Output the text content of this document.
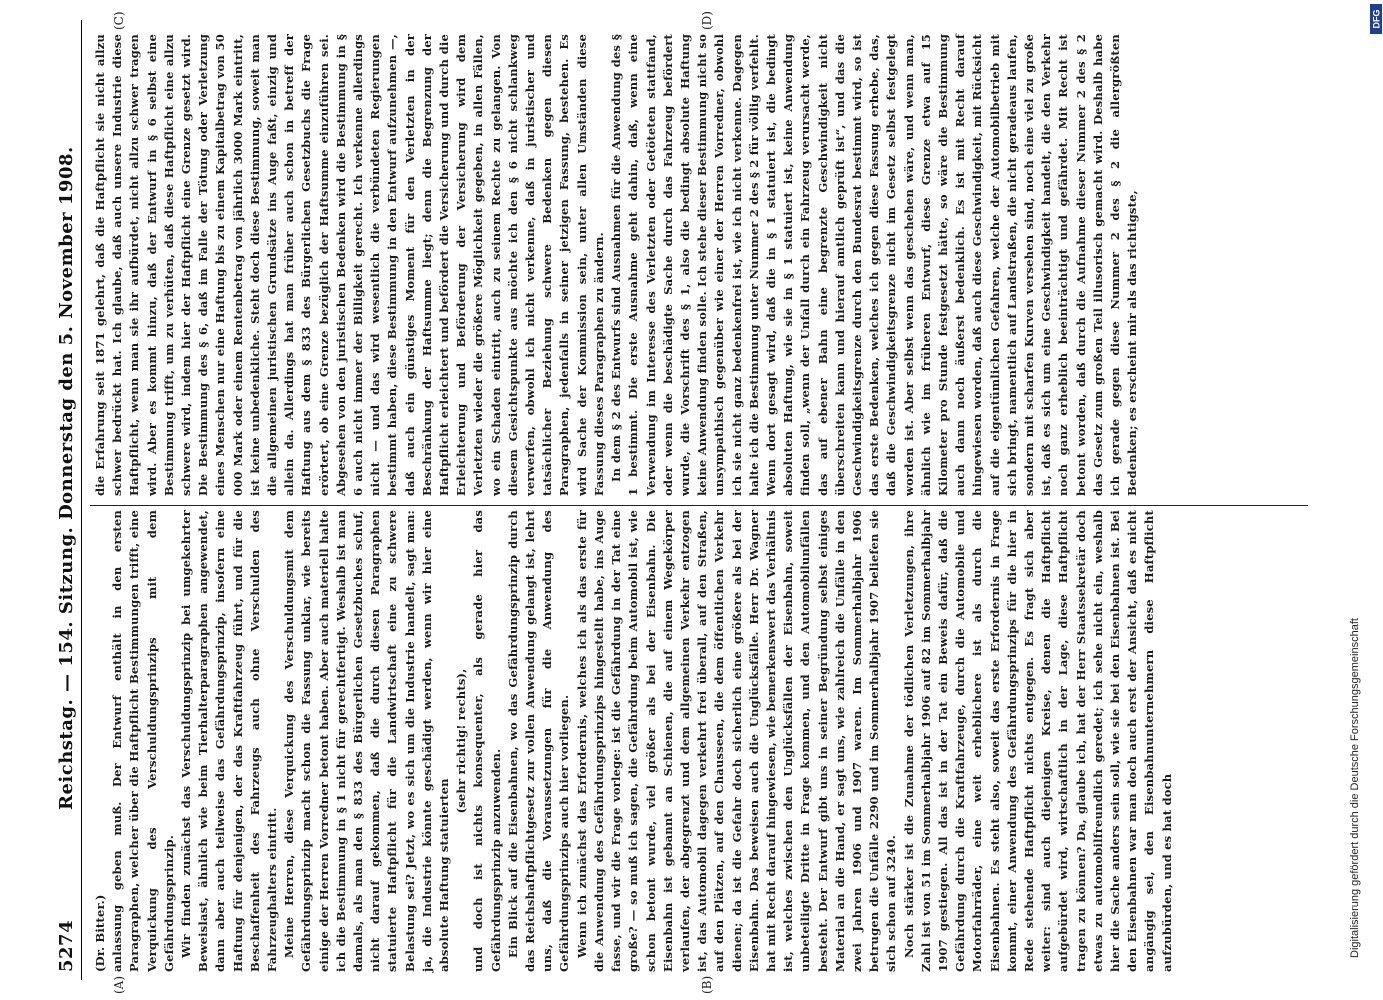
5274
Reichstag. — 154. Sitzung. Donnerstag den 5. November 1908.

(Dr. Bitter.) anlassung geben muß. Der Entwurf enthält in den ersten Paragraphen, welcher über die Haftpflicht Bestimmungen trifft, eine Verquickung des Verschuldungsprinzips mit dem Gefährdungsprinzip. Wir finden zunächst das Verschuldungsprinzip bei umgekehrter Beweislast, ähnlich wie beim Tierhalterparagraphen angewendet, dann aber auch teilweise das Gefährdungsprinzip, insofern eine Haftung für denjenigen, der das Kraftfahrzeug führt, und für die Beschaffenheit des Fahrzeugs auch ohne Verschulden des Fahrzeughalters eintritt. Meine Herren, diese Verquickung des Verschuldungsmit dem Gefährdungsprinzip macht schon die Fassung unklar, wie bereits einige der Herren Vorredner betont haben. Aber auch materiell halte ich die Bestimmung in § 1 nicht für gerechtfertigt. Weshalb ist man damals, als man den § 833 des Bürgerlichen Gesetzbuches schuf, nicht darauf gekommen, daß die durch diesen Paragraphen statuierte Haftpflicht für die Landwirtschaft eine zu schwere Belastung sei? Jetzt, wo es sich um die Industrie handelt, sagt man: ja, die Industrie könnte geschädigt werden, wenn wir hier eine absolute Haftung statuierten

(sehr richtig! rechts), und doch ist nichts konsequenter, als gerade hier das Gefährdungsprinzip anzuwenden. Ein Blick auf die Eisenbahnen, wo das Gefährdungsprinzip durch das Reichshaftpflichtgesetz zur vollen Anwendung gelangt ist, lehrt uns, daß die Voraussetzungen für die Anwendung des Gefährdungsprinzips auch hier vorliegen. Wenn ich zunächst das Erfordernis, welches ich als das erste für die Anwendung des Gefährdungsprinzips hingestellt habe, ins Auge fasse, und wir die Frage vorlege: ist die Gefährdung in der Tat eine große? — so muß ich sagen, die Gefährdung beim Automobil ist, wie schon betont wurde, viel größer als bei der Eisenbahn. Die Eisenbahn ist gebannt an Schienen, die auf einem Wegekörper verlaufen, der abgegrenzt und dem allgemeinen Verkehr entzogen ist, das Automobil dagegen verkehrt frei überall, auf den Straßen, auf den Plätzen, auf den Chausseen, die dem öffentlichen Verkehr dienen; da ist die Gefahr doch sicherlich eine größere als bei der Eisenbahn. Das beweisen auch die Unglücksfälle. Herr Dr. Wagner hat mit Recht darauf hingewiesen, wie bemerkenswert das Verhältnis ist, welches zwischen den Unglücksfällen der Eisenbahn, soweit unbeteiligte Dritte in Frage kommen, und den Automobilunfällen besteht. Der Entwurf gibt uns in seiner Begründung selbst einiges Material an die Hand, er sagt uns, wie zahlreich die Unfälle in den zwei Jahren 1906 und 1907 waren. Im Sommerhalbjahr 1906 betrugen die Unfälle 2290 und im Sommerhalbjahr 1907 beliefen sie sich schon auf 3240. Noch stärker ist die Zunahme der tödlichen Verletzungen, ihre Zahl ist von 51 im Sommerhalbjahr 1906 auf 82 im Sommerhalbjahr 1907 gestiegen. All das ist in der Tat ein Beweis dafür, daß die Gefährdung durch die Kraftfahrzeuge, durch die Automobile und Motorfahrräder, eine weit erheblichere ist als durch die Eisenbahnen. Es steht also, soweit das erste Erfordernis in Frage kommt, einer Anwendung des Gefährdungsprinzips für die hier in Rede stehende Haftpflicht nichts entgegen. Es fragt sich aber weiter: sind auch diejenigen Kreise, denen die Haftpflicht aufgebürdet wird, wirtschaftlich in der Lage, diese Haftpflicht tragen zu können? Da, glaube ich, hat der Herr Staatssekretär doch etwas zu automobilfreundlich geredet; ich sehe nicht ein, weshalb hier die Sache anders sein soll, wie sie bei den Eisenbahnen ist. Bei den Eisenbahnen war man doch auch erst der Ansicht, daß es nicht angängig sei, den Eisenbahnunternehmern diese Haftpflicht aufzubürden, und es hat doch

die Erfahrung seit 1871 gelehrt, daß die Haftpflicht sie nicht allzu schwer bedrückt hat. Ich glaube, daß auch unsere Industrie diese Haftpflicht, wenn man sie ihr aufbürdet, nicht allzu schwer tragen wird. Aber es kommt hinzu, daß der Entwurf in § 6 selbst eine Bestimmung trifft, um zu verhüten, daß diese Haftpflicht eine allzu schwere wird, indem hier der Haftpflicht eine Grenze gesetzt wird. Die Bestimmung des § 6, daß im Falle der Tötung oder Verletzung eines Menschen nur eine Haftung bis zu einem Kapitalbetrag von 50 000 Mark oder einem Rentenbetrag von jährlich 3000 Mark eintritt, ist keine unbedenkliche. Steht doch diese Bestimmung, soweit man die allgemeinen juristischen Grundsätze ins Auge faßt, einzig und allein da. Allerdings hat man früher auch schon in betreff der Haftung aus dem § 833 des Bürgerlichen Gesetzbuchs die Frage erörtert, ob eine Grenze bezüglich der Haftsumme einzuführen sei. Abgesehen von den juristischen Bedenken wird die Bestimmung in § 6 auch nicht immer der Billigkeit gerecht. Ich verkenne allerdings nicht — und das wird wesentlich die verbündeten Regierungen bestimmt haben, diese Bestimmung in den Entwurf aufzunehmen —, daß auch ein günstiges Moment für den Verletzten in der Beschränkung der Haftsumme liegt; denn die Begrenzung der Haftpflicht erleichtert und befördert die Versicherung und durch die Erleichterung und Beförderung der Versicherung wird dem Verletzten wieder die größere Möglichkeit gegeben, in allen Fällen, wo ein Schaden eintritt, auch zu seinem Rechte zu gelangen. Von diesem Gesichtspunkte aus möchte ich den § 6 nicht schlankweg verwerfen, obwohl ich nicht verkenne, daß in juristischer und tatsächlicher Beziehung schwere Bedenken gegen diesen Paragraphen, jedenfalls in seiner jetzigen Fassung, bestehen. Es wird Sache der Kommission sein, unter allen Umständen diese Fassung dieses Paragraphen zu ändern. In dem § 2 des Entwurfs sind Ausnahmen für die Anwendung des § 1 bestimmt. Die erste Ausnahme geht dahin, daß, wenn eine Verwendung im Interesse des Verletzten oder Getöteten stattfand, oder wenn die beschädigte Sache durch das Fahrzeug befördert wurde, die Vorschrift des § 1, also die bedingt absolute Haftung keine Anwendung finden solle. Ich stehe dieser Bestimmung nicht so unsympathisch gegenüber wie einer der Herren Vorredner, obwohl ich sie nicht ganz bedenkenfrei ist, wie ich nicht verkenne. Dagegen halte ich die Bestimmung unter Nummer 2 des § 2 für völlig verfehlt. Wenn dort gesagt wird, daß die in § 1 statuiert ist, die bedingt absoluten Haftung, wie sie in § 1 statuiert ist, keine Anwendung finden soll, „wenn der Unfall durch ein Fahrzeug verursacht werde, das auf ebener Bahn eine begrenzte Geschwindigkeit nicht überschreiten kann und hierauf amtlich geprüft ist“, und das die Geschwindigkeitsgrenze durch den Bundesrat bestimmt wird, so ist das erste Bedenken, welches ich gegen diese Fassung erhebe, das, daß die Geschwindigkeitsgrenze nicht im Gesetz selbst festgelegt worden ist. Aber selbst wenn das geschehen wäre, und wenn man, ähnlich wie im früheren Entwurf, diese Grenze etwa auf 15 Kilometer pro Stunde festgesetzt hätte, so wäre die Bestimmung auch dann noch äußerst bedenklich. Es ist mit Recht darauf hingewiesen worden, daß auch diese Geschwindigkeit, mit Rücksicht auf die eigentümlichen Gefahren, welche der Automobilbetrieb mit sich bringt, namentlich auf Landstraßen, die nicht geradeaus laufen, sondern mit scharfen Kurven versehen sind, noch eine viel zu große ist, daß es sich um eine Geschwindigkeit handelt, die den Verkehr noch ganz erheblich beeinträchtigt und gefährdet. Mit Recht ist betont worden, daß durch die Aufnahme dieser Nummer 2 des § 2 das Gesetz zum großen Teil illusorisch gemacht wird. Deshalb habe ich gerade gegen diese Nummer 2 des § 2 die allergrößten Bedenken; es erscheint mir als das richtigste,

(A)	(B)
(C)	(D)
Digitalisierung gefördert durch die Deutsche Forschungsgemeinschaft
DFG
